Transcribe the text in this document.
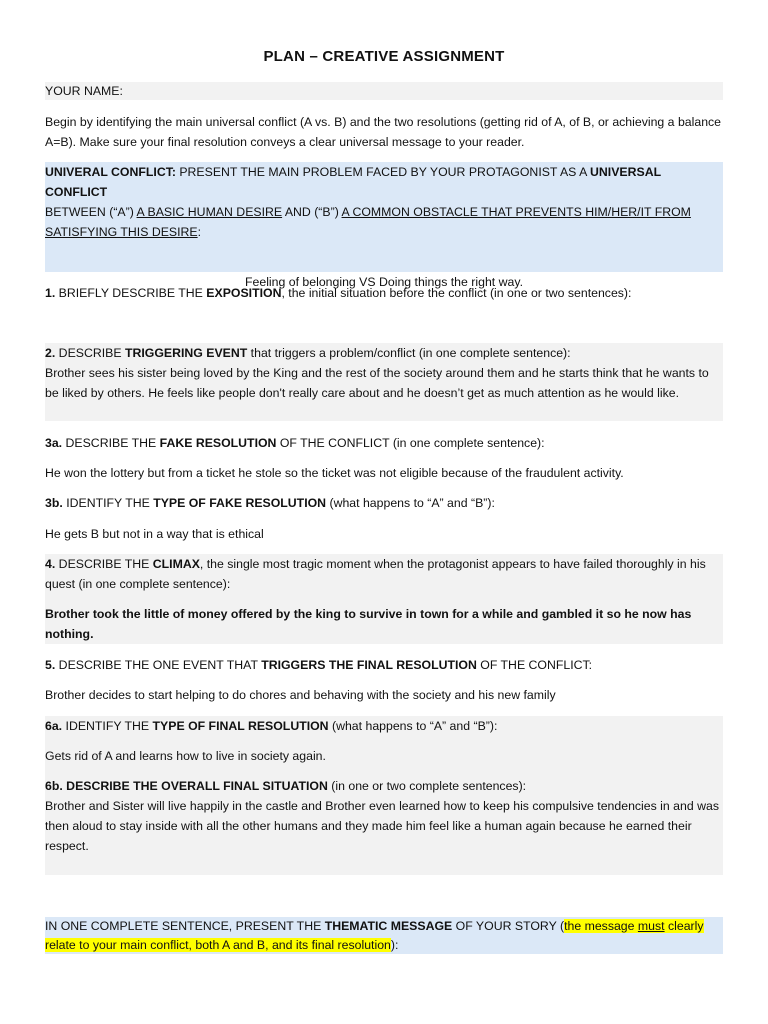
PLAN – CREATIVE ASSIGNMENT
YOUR NAME:
Begin by identifying the main universal conflict (A vs. B) and the two resolutions (getting rid of A, of B, or achieving a balance A=B). Make sure your final resolution conveys a clear universal message to your reader.
UNIVERAL CONFLICT: PRESENT THE MAIN PROBLEM FACED BY YOUR PROTAGONIST AS A UNIVERSAL CONFLICT
BETWEEN (“A”) A BASIC HUMAN DESIRE AND (“B”) A COMMON OBSTACLE THAT PREVENTS HIM/HER/IT FROM
SATISFYING THIS DESIRE:
Feeling of belonging VS Doing things the right way.
1. BRIEFLY DESCRIBE THE EXPOSITION, the initial situation before the conflict (in one or two sentences):
2. DESCRIBE TRIGGERING EVENT that triggers a problem/conflict (in one complete sentence):
Brother sees his sister being loved by the King and the rest of the society around them and he starts think that he wants to be liked by others. He feels like people don't really care about and he doesn’t get as much attention as he would like.
3a. DESCRIBE THE FAKE RESOLUTION OF THE CONFLICT (in one complete sentence):
He won the lottery but from a ticket he stole so the ticket was not eligible because of the fraudulent activity.
3b. IDENTIFY THE TYPE OF FAKE RESOLUTION (what happens to “A” and “B”):
He gets B but not in a way that is ethical
4. DESCRIBE THE CLIMAX, the single most tragic moment when the protagonist appears to have failed thoroughly in his quest (in one complete sentence):
Brother took the little of money offered by the king to survive in town for a while and gambled it so he now has nothing.
5. DESCRIBE THE ONE EVENT THAT TRIGGERS THE FINAL RESOLUTION OF THE CONFLICT:
Brother decides to start helping to do chores and behaving with the society and his new family
6a. IDENTIFY THE TYPE OF FINAL RESOLUTION (what happens to “A” and “B”):
Gets rid of A and learns how to live in society again.
6b. DESCRIBE THE OVERALL FINAL SITUATION (in one or two complete sentences):
Brother and Sister will live happily in the castle and Brother even learned how to keep his compulsive tendencies in and was then aloud to stay inside with all the other humans and they made him feel like a human again because he earned their respect.
IN ONE COMPLETE SENTENCE, PRESENT THE THEMATIC MESSAGE OF YOUR STORY (the message must clearly relate to your main conflict, both A and B, and its final resolution):
